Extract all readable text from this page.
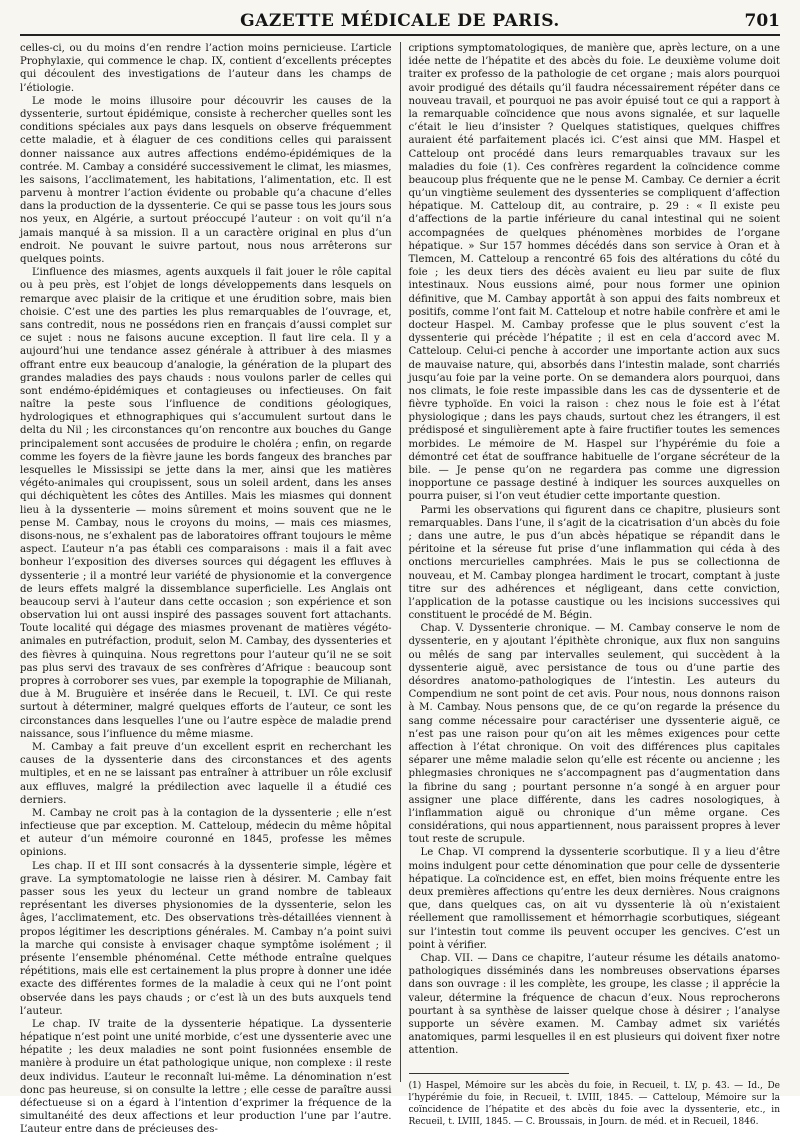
GAZETTE MÉDICALE DE PARIS.	701

celles-ci, ou du moins d’en rendre l’action moins pernicieuse. L’article Prophylaxie, qui commence le chap. IX, contient d’excellents préceptes qui découlent des investigations de l’auteur dans les champs de l’étiologie.

Le mode le moins illusoire pour découvrir les causes de la dyssenterie, surtout épidémique, consiste à rechercher quelles sont les conditions spéciales aux pays dans lesquels on observe fréquemment cette maladie, et à élaguer de ces conditions celles qui paraissent donner naissance aux autres affections endémo-épidémiques de la contrée. M. Cambay a considéré successivement le climat, les miasmes, les saisons, l’acclimatement, les habitations, l’alimentation, etc. Il est parvenu à montrer l’action évidente ou probable qu’a chacune d’elles dans la production de la dyssenterie. Ce qui se passe tous les jours sous nos yeux, en Algérie, a surtout préoccupé l’auteur : on voit qu’il n’a jamais manqué à sa mission. Il a un caractère original en plus d’un endroit. Ne pouvant le suivre partout, nous nous arrêterons sur quelques points.

L’influence des miasmes, agents auxquels il fait jouer le rôle capital ou à peu près, est l’objet de longs développements dans lesquels on remarque avec plaisir de la critique et une érudition sobre, mais bien choisie. C’est une des parties les plus remarquables de l’ouvrage, et, sans contredit, nous ne possédons rien en français d’aussi complet sur ce sujet : nous ne faisons aucune exception. Il faut lire cela. Il y a aujourd’hui une tendance assez générale à attribuer à des miasmes offrant entre eux beaucoup d’analogie, la génération de la plupart des grandes maladies des pays chauds : nous voulons parler de celles qui sont endémo-épidémiques et contagieuses ou infectieuses. On fait naître la peste sous l’influence de conditions géologiques, hydrologiques et ethnographiques qui s’accumulent surtout dans le delta du Nil ; les circonstances qu’on rencontre aux bouches du Gange principalement sont accusées de produire le choléra ; enfin, on regarde comme les foyers de la fièvre jaune les bords fangeux des branches par lesquelles le Mississipi se jette dans la mer, ainsi que les matières végéto-animales qui croupissent, sous un soleil ardent, dans les anses qui déchiquètent les côtes des Antilles. Mais les miasmes qui donnent lieu à la dyssenterie — moins sûrement et moins souvent que ne le pense M. Cambay, nous le croyons du moins, — mais ces miasmes, disons-nous, ne s’exhalent pas de laboratoires offrant toujours le même aspect. L’auteur n’a pas établi ces comparaisons : mais il a fait avec bonheur l’exposition des diverses sources qui dégagent les effluves à dyssenterie ; il a montré leur variété de physionomie et la convergence de leurs effets malgré la dissemblance superficielle. Les Anglais ont beaucoup servi à l’auteur dans cette occasion ; son expérience et son observation lui ont aussi inspiré des passages souvent fort attachants. Toute localité qui dégage des miasmes provenant de matières végéto-animales en putréfaction, produit, selon M. Cambay, des dyssenteries et des fièvres à quinquina. Nous regrettons pour l’auteur qu’il ne se soit pas plus servi des travaux de ses confrères d’Afrique : beaucoup sont propres à corroborer ses vues, par exemple la topographie de Milianah, due à M. Bruguière et insérée dans le Recueil, t. LVI. Ce qui reste surtout à déterminer, malgré quelques efforts de l’auteur, ce sont les circonstances dans lesquelles l’une ou l’autre espèce de maladie prend naissance, sous l’influence du même miasme.

M. Cambay a fait preuve d’un excellent esprit en recherchant les causes de la dyssenterie dans des circonstances et des agents multiples, et en ne se laissant pas entraîner à attribuer un rôle exclusif aux effluves, malgré la prédilection avec laquelle il a étudié ces derniers.

M. Cambay ne croit pas à la contagion de la dyssenterie ; elle n’est infectieuse que par exception. M. Catteloup, médecin du même hôpital et auteur d’un mémoire couronné en 1845, professe les mêmes opinions.

Les chap. II et III sont consacrés à la dyssenterie simple, légère et grave. La symptomatologie ne laisse rien à désirer. M. Cambay fait passer sous les yeux du lecteur un grand nombre de tableaux représentant les diverses physionomies de la dyssenterie, selon les âges, l’acclimatement, etc. Des observations très-détaillées viennent à propos légitimer les descriptions générales. M. Cambay n’a point suivi la marche qui consiste à envisager chaque symptôme isolément ; il présente l’ensemble phénoménal. Cette méthode entraîne quelques répétitions, mais elle est certainement la plus propre à donner une idée exacte des différentes formes de la maladie à ceux qui ne l’ont point observée dans les pays chauds ; or c’est là un des buts auxquels tend l’auteur.

Le chap. IV traite de la dyssenterie hépatique. La dyssenterie hépatique n’est point une unité morbide, c’est une dyssenterie avec une hépatite ; les deux maladies ne sont point fusionnées ensemble de manière à produire un état pathologique unique, non complexe : il reste deux individus. L’auteur le reconnaît lui-même. La dénomination n’est donc pas heureuse, si on consulte la lettre ; elle cesse de paraître aussi défectueuse si on a égard à l’intention d’exprimer la fréquence de la simultanéité des deux affections et leur production l’une par l’autre. L’auteur entre dans de précieuses des-

criptions symptomatologiques, de manière que, après lecture, on a une idée nette de l’hépatite et des abcès du foie. Le deuxième volume doit traiter ex professo de la pathologie de cet organe ; mais alors pourquoi avoir prodigué des détails qu’il faudra nécessairement répéter dans ce nouveau travail, et pourquoi ne pas avoir épuisé tout ce qui a rapport à la remarquable coïncidence que nous avons signalée, et sur laquelle c’était le lieu d’insister ? Quelques statistiques, quelques chiffres auraient été parfaitement placés ici. C’est ainsi que MM. Haspel et Catteloup ont procédé dans leurs remarquables travaux sur les maladies du foie (1). Ces confrères regardent la coïncidence comme beaucoup plus fréquente que ne le pense M. Cambay. Ce dernier a écrit qu’un vingtième seulement des dyssenteries se compliquent d’affection hépatique. M. Catteloup dit, au contraire, p. 29 : « Il existe peu d’affections de la partie inférieure du canal intestinal qui ne soient accompagnées de quelques phénomènes morbides de l’organe hépatique. » Sur 157 hommes décédés dans son service à Oran et à Tlemcen, M. Catteloup a rencontré 65 fois des altérations du côté du foie ; les deux tiers des décès avaient eu lieu par suite de flux intestinaux. Nous eussions aimé, pour nous former une opinion définitive, que M. Cambay apportât à son appui des faits nombreux et positifs, comme l’ont fait M. Catteloup et notre habile confrère et ami le docteur Haspel. M. Cambay professe que le plus souvent c’est la dyssenterie qui précède l’hépatite ; il est en cela d’accord avec M. Catteloup. Celui-ci penche à accorder une importante action aux sucs de mauvaise nature, qui, absorbés dans l’intestin malade, sont charriés jusqu’au foie par la veine porte. On se demandera alors pourquoi, dans nos climats, le foie reste impassible dans les cas de dyssenterie et de fièvre typhoïde. En voici la raison : chez nous le foie est à l’état physiologique ; dans les pays chauds, surtout chez les étrangers, il est prédisposé et singulièrement apte à faire fructifier toutes les semences morbides. Le mémoire de M. Haspel sur l’hypérémie du foie a démontré cet état de souffrance habituelle de l’organe sécréteur de la bile. — Je pense qu’on ne regardera pas comme une digression inopportune ce passage destiné à indiquer les sources auxquelles on pourra puiser, si l’on veut étudier cette importante question.

Parmi les observations qui figurent dans ce chapitre, plusieurs sont remarquables. Dans l’une, il s’agit de la cicatrisation d’un abcès du foie ; dans une autre, le pus d’un abcès hépatique se répandit dans le péritoine et la séreuse fut prise d’une inflammation qui céda à des onctions mercurielles camphrées. Mais le pus se collectionna de nouveau, et M. Cambay plongea hardiment le trocart, comptant à juste titre sur des adhérences et négligeant, dans cette conviction, l’application de la potasse caustique ou les incisions successives qui constituent le procédé de M. Bégin.

Chap. V. Dyssenterie chronique. — M. Cambay conserve le nom de dyssenterie, en y ajoutant l’épithète chronique, aux flux non sanguins ou mêlés de sang par intervalles seulement, qui succèdent à la dyssenterie aiguë, avec persistance de tous ou d’une partie des désordres anatomo-pathologiques de l’intestin. Les auteurs du Compendium ne sont point de cet avis. Pour nous, nous donnons raison à M. Cambay. Nous pensons que, de ce qu’on regarde la présence du sang comme nécessaire pour caractériser une dyssenterie aiguë, ce n’est pas une raison pour qu’on ait les mêmes exigences pour cette affection à l’état chronique. On voit des différences plus capitales séparer une même maladie selon qu’elle est récente ou ancienne ; les phlegmasies chroniques ne s’accompagnent pas d’augmentation dans la fibrine du sang ; pourtant personne n’a songé à en arguer pour assigner une place différente, dans les cadres nosologiques, à l’inflammation aiguë ou chronique d’un même organe. Ces considérations, qui nous appartiennent, nous paraissent propres à lever tout reste de scrupule.

Le Chap. VI comprend la dyssenterie scorbutique. Il y a lieu d’être moins indulgent pour cette dénomination que pour celle de dyssenterie hépatique. La coïncidence est, en effet, bien moins fréquente entre les deux premières affections qu’entre les deux dernières. Nous craignons que, dans quelques cas, on ait vu dyssenterie là où n’existaient réellement que ramollissement et hémorrhagie scorbutiques, siégeant sur l’intestin tout comme ils peuvent occuper les gencives. C’est un point à vérifier.

Chap. VII. — Dans ce chapitre, l’auteur résume les détails anatomo-pathologiques disséminés dans les nombreuses observations éparses dans son ouvrage : il les complète, les groupe, les classe ; il apprécie la valeur, détermine la fréquence de chacun d’eux. Nous reprocherons pourtant à sa synthèse de laisser quelque chose à désirer ; l’analyse supporte un sévère examen. M. Cambay admet six variétés anatomiques, parmi lesquelles il en est plusieurs qui doivent fixer notre attention.

(1) Haspel, Mémoire sur les abcès du foie, in Recueil, t. LV, p. 43. — Id., De l’hypérémie du foie, in Recueil, t. LVIII, 1845. — Catteloup, Mémoire sur la coïncidence de l’hépatite et des abcès du foie avec la dyssenterie, etc., in Recueil, t. LVIII, 1845. — C. Broussais, in Journ. de méd. et in Recueil, 1846.
